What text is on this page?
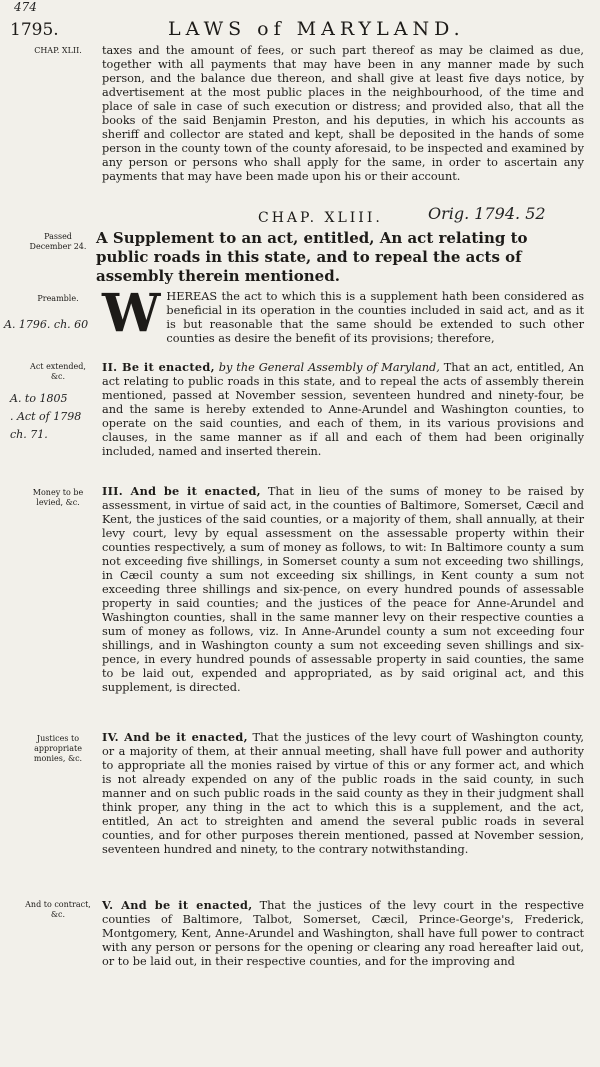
1795.	LAWS of MARYLAND.
474
CHAP. XLII.
Passed December 24.
Preamble.
A. 1796. ch. 60
Act extended, &c.
A. to 1805
. Act of 1798
ch. 71.
Money to be levied, &c.
Justices to appropriate monies, &c.
And to contract, &c.

taxes and the amount of fees, or such part thereof as may be claimed as due, together with all payments that may have been in any manner made by such person, and the balance due thereon, and shall give at least five days notice, by advertisement at the most public places in the neighbourhood, of the time and place of sale in case of such execution or distress; and provided also, that all the books of the said Benjamin Preston, and his deputies, in which his accounts as sheriff and collector are stated and kept, shall be deposited in the hands of some person in the county town of the county aforesaid, to be inspected and examined by any person or persons who shall apply for the same, in order to ascertain any payments that may have been made upon his or their account.

CHAP. XLIII.	Orig. 1794. 52
A Supplement to an act, entitled, An act relating to public roads in this state, and to repeal the acts of assembly therein mentioned.

WHEREAS the act to which this is a supplement hath been considered as beneficial in its operation in the counties included in said act, and as it is but reasonable that the same should be extended to such other counties as desire the benefit of its provisions; therefore,

II. Be it enacted, by the General Assembly of Maryland, That an act, entitled, An act relating to public roads in this state, and to repeal the acts of assembly therein mentioned, passed at November session, seventeen hundred and ninety-four, be and the same is hereby extended to Anne-Arundel and Washington counties, to operate on the said counties, and each of them, in its various provisions and clauses, in the same manner as if all and each of them had been originally included, named and inserted therein.

III. And be it enacted, That in lieu of the sums of money to be raised by assessment, in virtue of said act, in the counties of Baltimore, Somerset, Cæcil and Kent, the justices of the said counties, or a majority of them, shall annually, at their levy court, levy by equal assessment on the assessable property within their counties respectively, a sum of money as follows, to wit: In Baltimore county a sum not exceeding five shillings, in Somerset county a sum not exceeding two shillings, in Cæcil county a sum not exceeding six shillings, in Kent county a sum not exceeding three shillings and six-pence, on every hundred pounds of assessable property in said counties; and the justices of the peace for Anne-Arundel and Washington counties, shall in the same manner levy on their respective counties a sum of money as follows, viz. In Anne-Arundel county a sum not exceeding four shillings, and in Washington county a sum not exceeding seven shillings and six-pence, in every hundred pounds of assessable property in said counties, the same to be laid out, expended and appropriated, as by said original act, and this supplement, is directed.

IV. And be it enacted, That the justices of the levy court of Washington county, or a majority of them, at their annual meeting, shall have full power and authority to appropriate all the monies raised by virtue of this or any former act, and which is not already expended on any of the public roads in the said county, in such manner and on such public roads in the said county as they in their judgment shall think proper, any thing in the act to which this is a supplement, and the act, entitled, An act to streighten and amend the several public roads in several counties, and for other purposes therein mentioned, passed at November session, seventeen hundred and ninety, to the contrary notwithstanding.

V. And be it enacted, That the justices of the levy court in the respective counties of Baltimore, Talbot, Somerset, Cæcil, Prince-George's, Frederick, Montgomery, Kent, Anne-Arundel and Washington, shall have full power to contract with any person or persons for the opening or clearing any road hereafter laid out, or to be laid out, in their respective counties, and for the improving and
